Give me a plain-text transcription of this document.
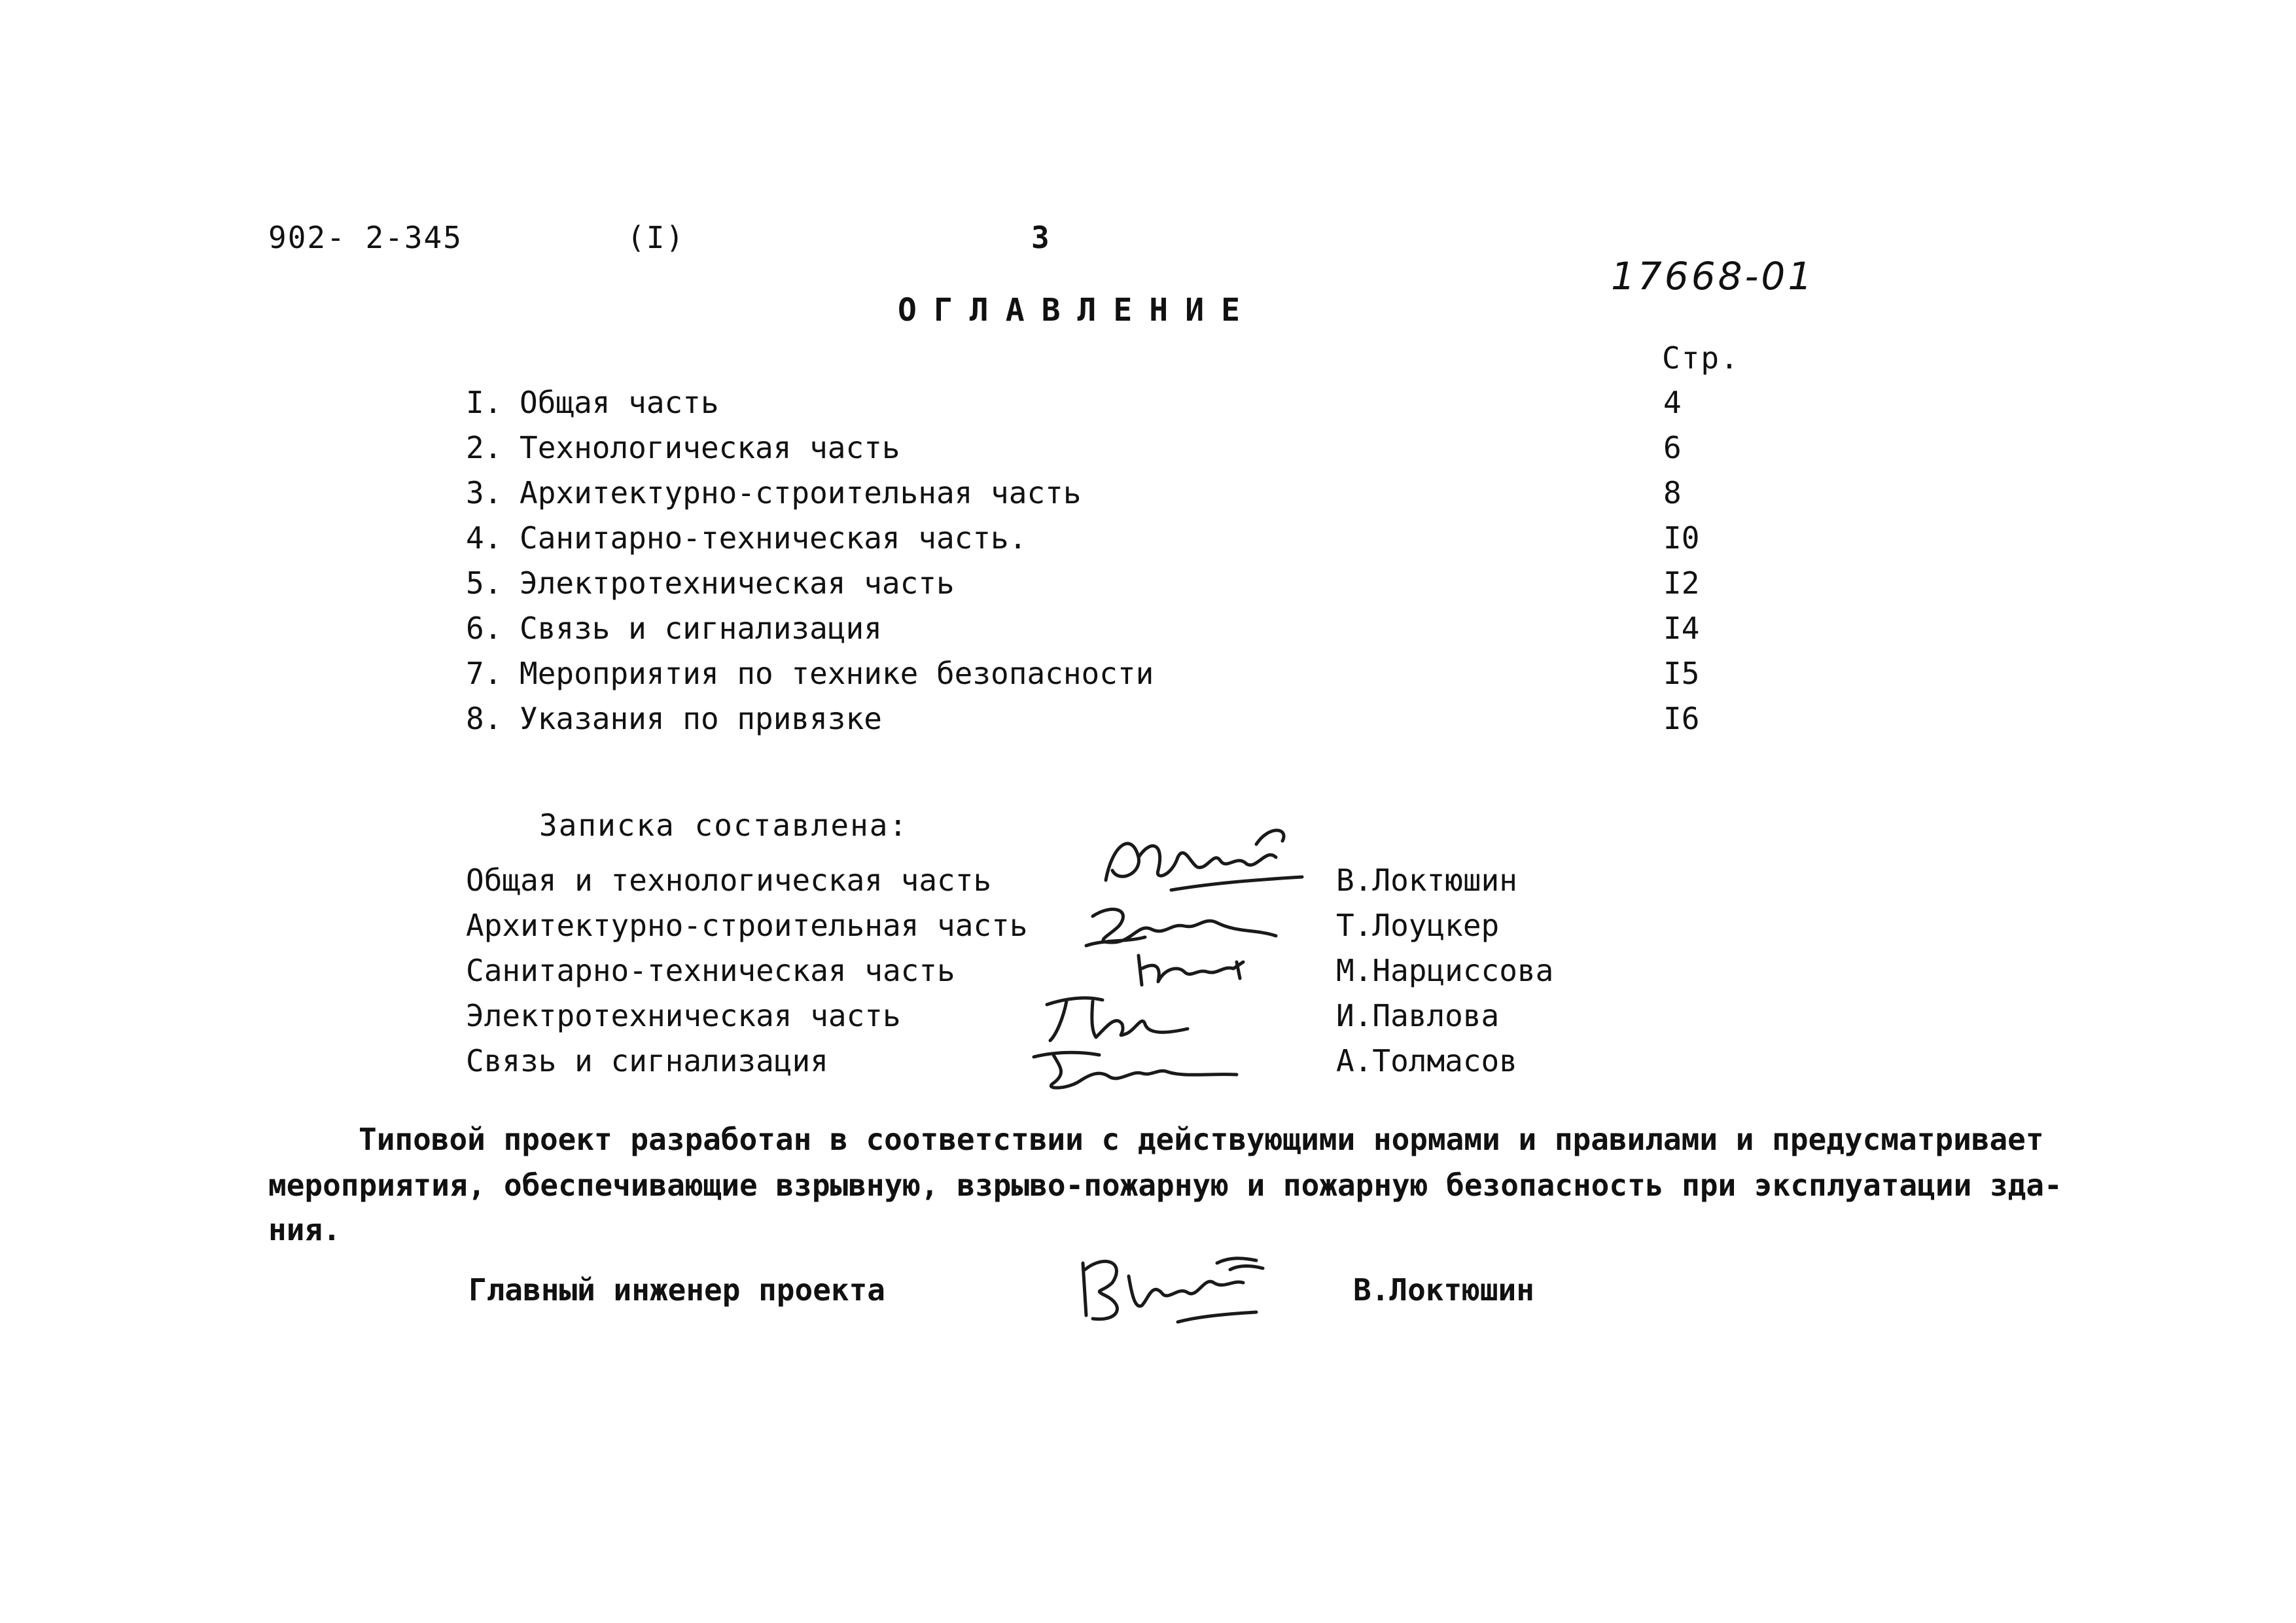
902- 2-345	(I)	3
17668-01
ОГЛАВЛЕНИЕ
Стр.
I. Общая часть	4
2. Технологическая часть	6
3. Архитектурно-строительная часть	8
4. Санитарно-техническая часть.	I0
5. Электротехническая часть	I2
6. Связь и сигнализация	I4
7. Мероприятия по технике безопасности	I5
8. Указания по привязке	I6
Записка составлена:
Общая и технологическая часть	В.Локтюшин
Архитектурно-строительная часть	Т.Лоуцкер
Санитарно-техническая часть	М.Нарциссова
Электротехническая часть	И.Павлова
Связь и сигнализация	А.Толмасов
Типовой проект разработан в соответствии с действующими нормами и правилами и предусматривает
мероприятия, обеспечивающие взрывную, взрыво-пожарную и пожарную безопасность при эксплуатации зда-
ния.
Главный инженер проекта	В.Локтюшин
